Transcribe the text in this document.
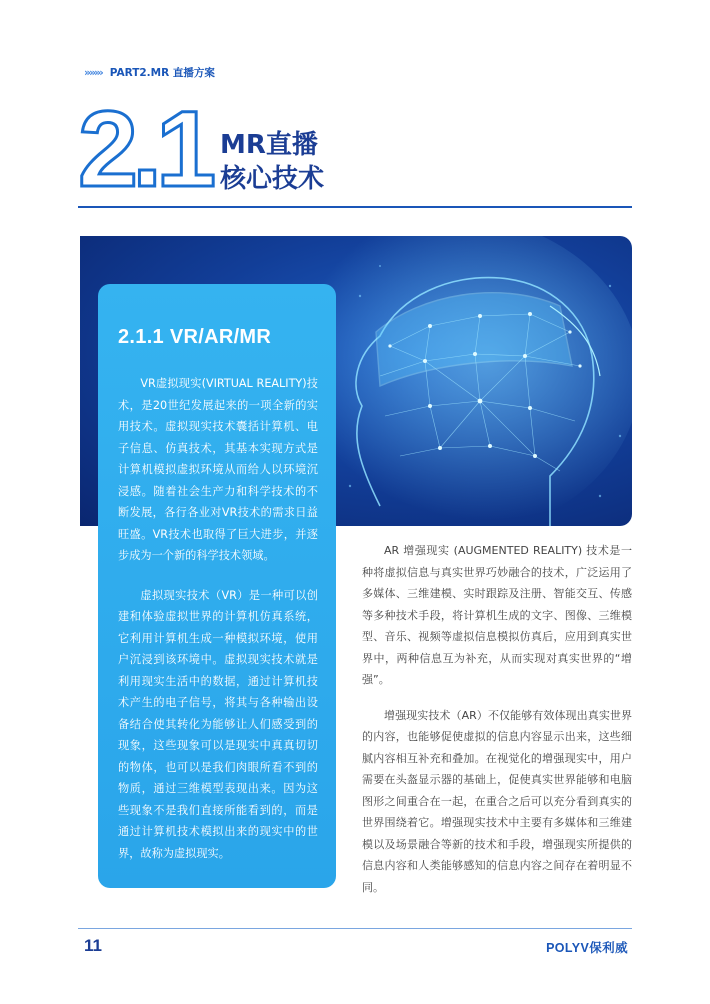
››››››› PART2.MR 直播方案
2.1 MR直播
核心技术
2.1.1 VR/AR/MR

VR虚拟现实(VIRTUAL REALITY)技术，是20世纪发展起来的一项全新的实用技术。虚拟现实技术囊括计算机、电子信息、仿真技术，其基本实现方式是计算机模拟虚拟环境从而给人以环境沉浸感。随着社会生产力和科学技术的不断发展，各行各业对VR技术的需求日益旺盛。VR技术也取得了巨大进步，并逐步成为一个新的科学技术领域。

虚拟现实技术（VR）是一种可以创建和体验虚拟世界的计算机仿真系统，它利用计算机生成一种模拟环境，使用户沉浸到该环境中。虚拟现实技术就是利用现实生活中的数据，通过计算机技术产生的电子信号，将其与各种输出设备结合使其转化为能够让人们感受到的现象，这些现象可以是现实中真真切切的物体，也可以是我们肉眼所看不到的物质，通过三维模型表现出来。因为这些现象不是我们直接所能看到的，而是通过计算机技术模拟出来的现实中的世界，故称为虚拟现实。

AR 增强现实 (AUGMENTED REALITY) 技术是一种将虚拟信息与真实世界巧妙融合的技术，广泛运用了多媒体、三维建模、实时跟踪及注册、智能交互、传感等多种技术手段，将计算机生成的文字、图像、三维模型、音乐、视频等虚拟信息模拟仿真后，应用到真实世界中，两种信息互为补充，从而实现对真实世界的“增强”。

增强现实技术（AR）不仅能够有效体现出真实世界的内容，也能够促使虚拟的信息内容显示出来，这些细腻内容相互补充和叠加。在视觉化的增强现实中，用户需要在头盔显示器的基础上，促使真实世界能够和电脑图形之间重合在一起，在重合之后可以充分看到真实的世界围绕着它。增强现实技术中主要有多媒体和三维建模以及场景融合等新的技术和手段，增强现实所提供的信息内容和人类能够感知的信息内容之间存在着明显不同。

11	POLYV保利威
